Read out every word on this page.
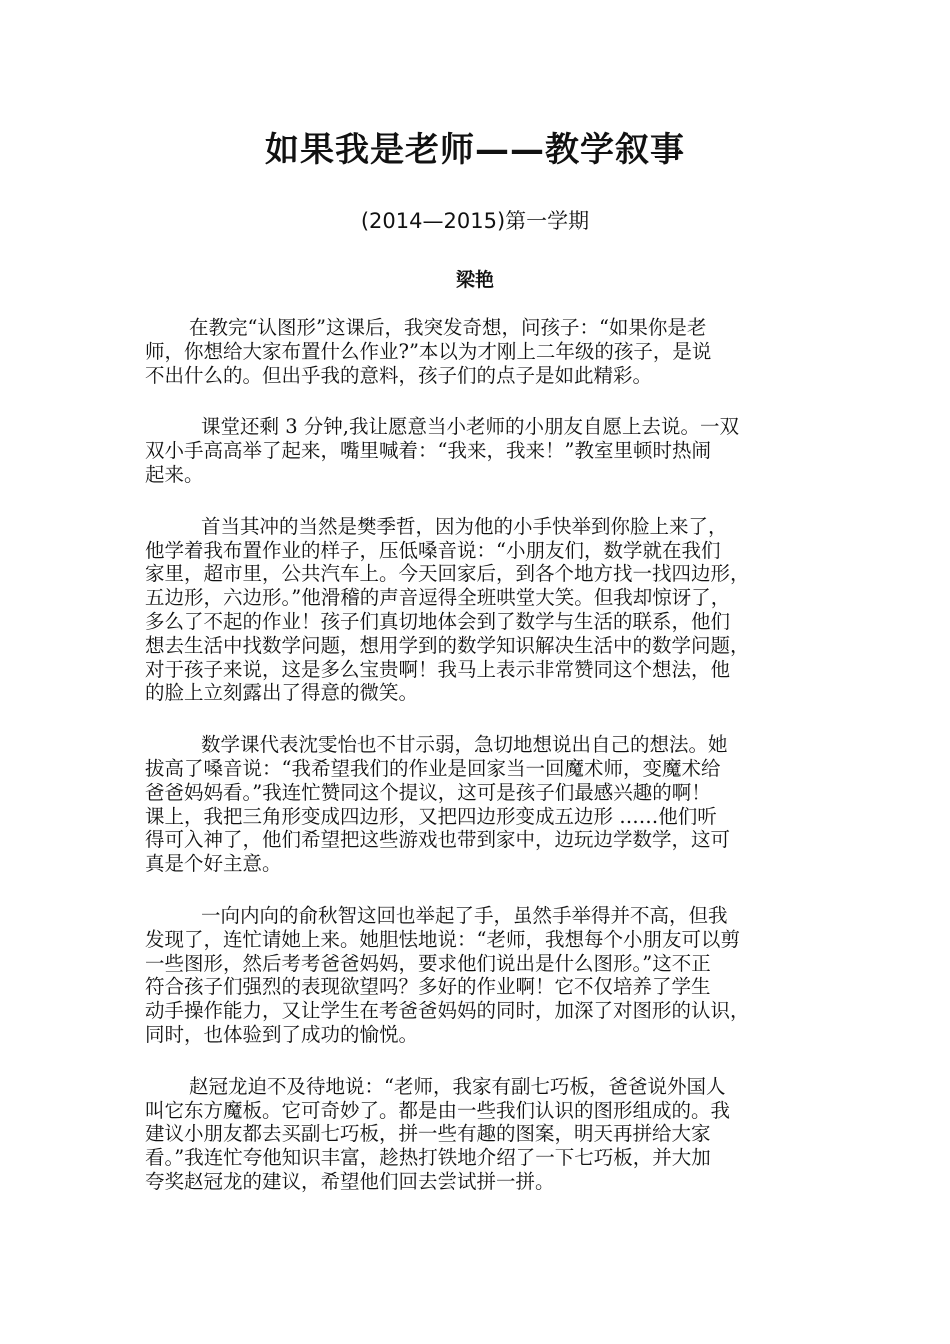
如果我是老师——教学叙事
(2014—2015)第一学期
梁艳

在教完“认图形”这课后，我突发奇想，问孩子：“如果你是老
师，你想给大家布置什么作业?”本以为才刚上二年级的孩子，是说
不出什么的。但出乎我的意料，孩子们的点子是如此精彩。

课堂还剩 3 分钟,我让愿意当小老师的小朋友自愿上去说。一双
双小手高高举了起来，嘴里喊着：“我来，我来！”教室里顿时热闹
起来。

首当其冲的当然是樊季哲，因为他的小手快举到你脸上来了，
他学着我布置作业的样子，压低嗓音说：“小朋友们，数学就在我们
家里，超市里，公共汽车上。今天回家后，到各个地方找一找四边形，
五边形，六边形。”他滑稽的声音逗得全班哄堂大笑。但我却惊讶了，
多么了不起的作业！孩子们真切地体会到了数学与生活的联系，他们
想去生活中找数学问题，想用学到的数学知识解决生活中的数学问题，
对于孩子来说，这是多么宝贵啊！我马上表示非常赞同这个想法，他
的脸上立刻露出了得意的微笑。

数学课代表沈雯怡也不甘示弱，急切地想说出自己的想法。她
拔高了嗓音说：“我希望我们的作业是回家当一回魔术师，变魔术给
爸爸妈妈看。”我连忙赞同这个提议，这可是孩子们最感兴趣的啊！
课上，我把三角形变成四边形，又把四边形变成五边形 ……他们听
得可入神了，他们希望把这些游戏也带到家中，边玩边学数学，这可
真是个好主意。

一向内向的俞秋智这回也举起了手，虽然手举得并不高，但我
发现了，连忙请她上来。她胆怯地说：“老师，我想每个小朋友可以剪
一些图形，然后考考爸爸妈妈，要求他们说出是什么图形。”这不正
符合孩子们强烈的表现欲望吗？多好的作业啊！它不仅培养了学生
动手操作能力，又让学生在考爸爸妈妈的同时，加深了对图形的认识，
同时，也体验到了成功的愉悦。

赵冠龙迫不及待地说：“老师，我家有副七巧板，爸爸说外国人
叫它东方魔板。它可奇妙了。都是由一些我们认识的图形组成的。我
建议小朋友都去买副七巧板，拼一些有趣的图案，明天再拼给大家
看。”我连忙夸他知识丰富，趁热打铁地介绍了一下七巧板，并大加
夸奖赵冠龙的建议，希望他们回去尝试拼一拼。
